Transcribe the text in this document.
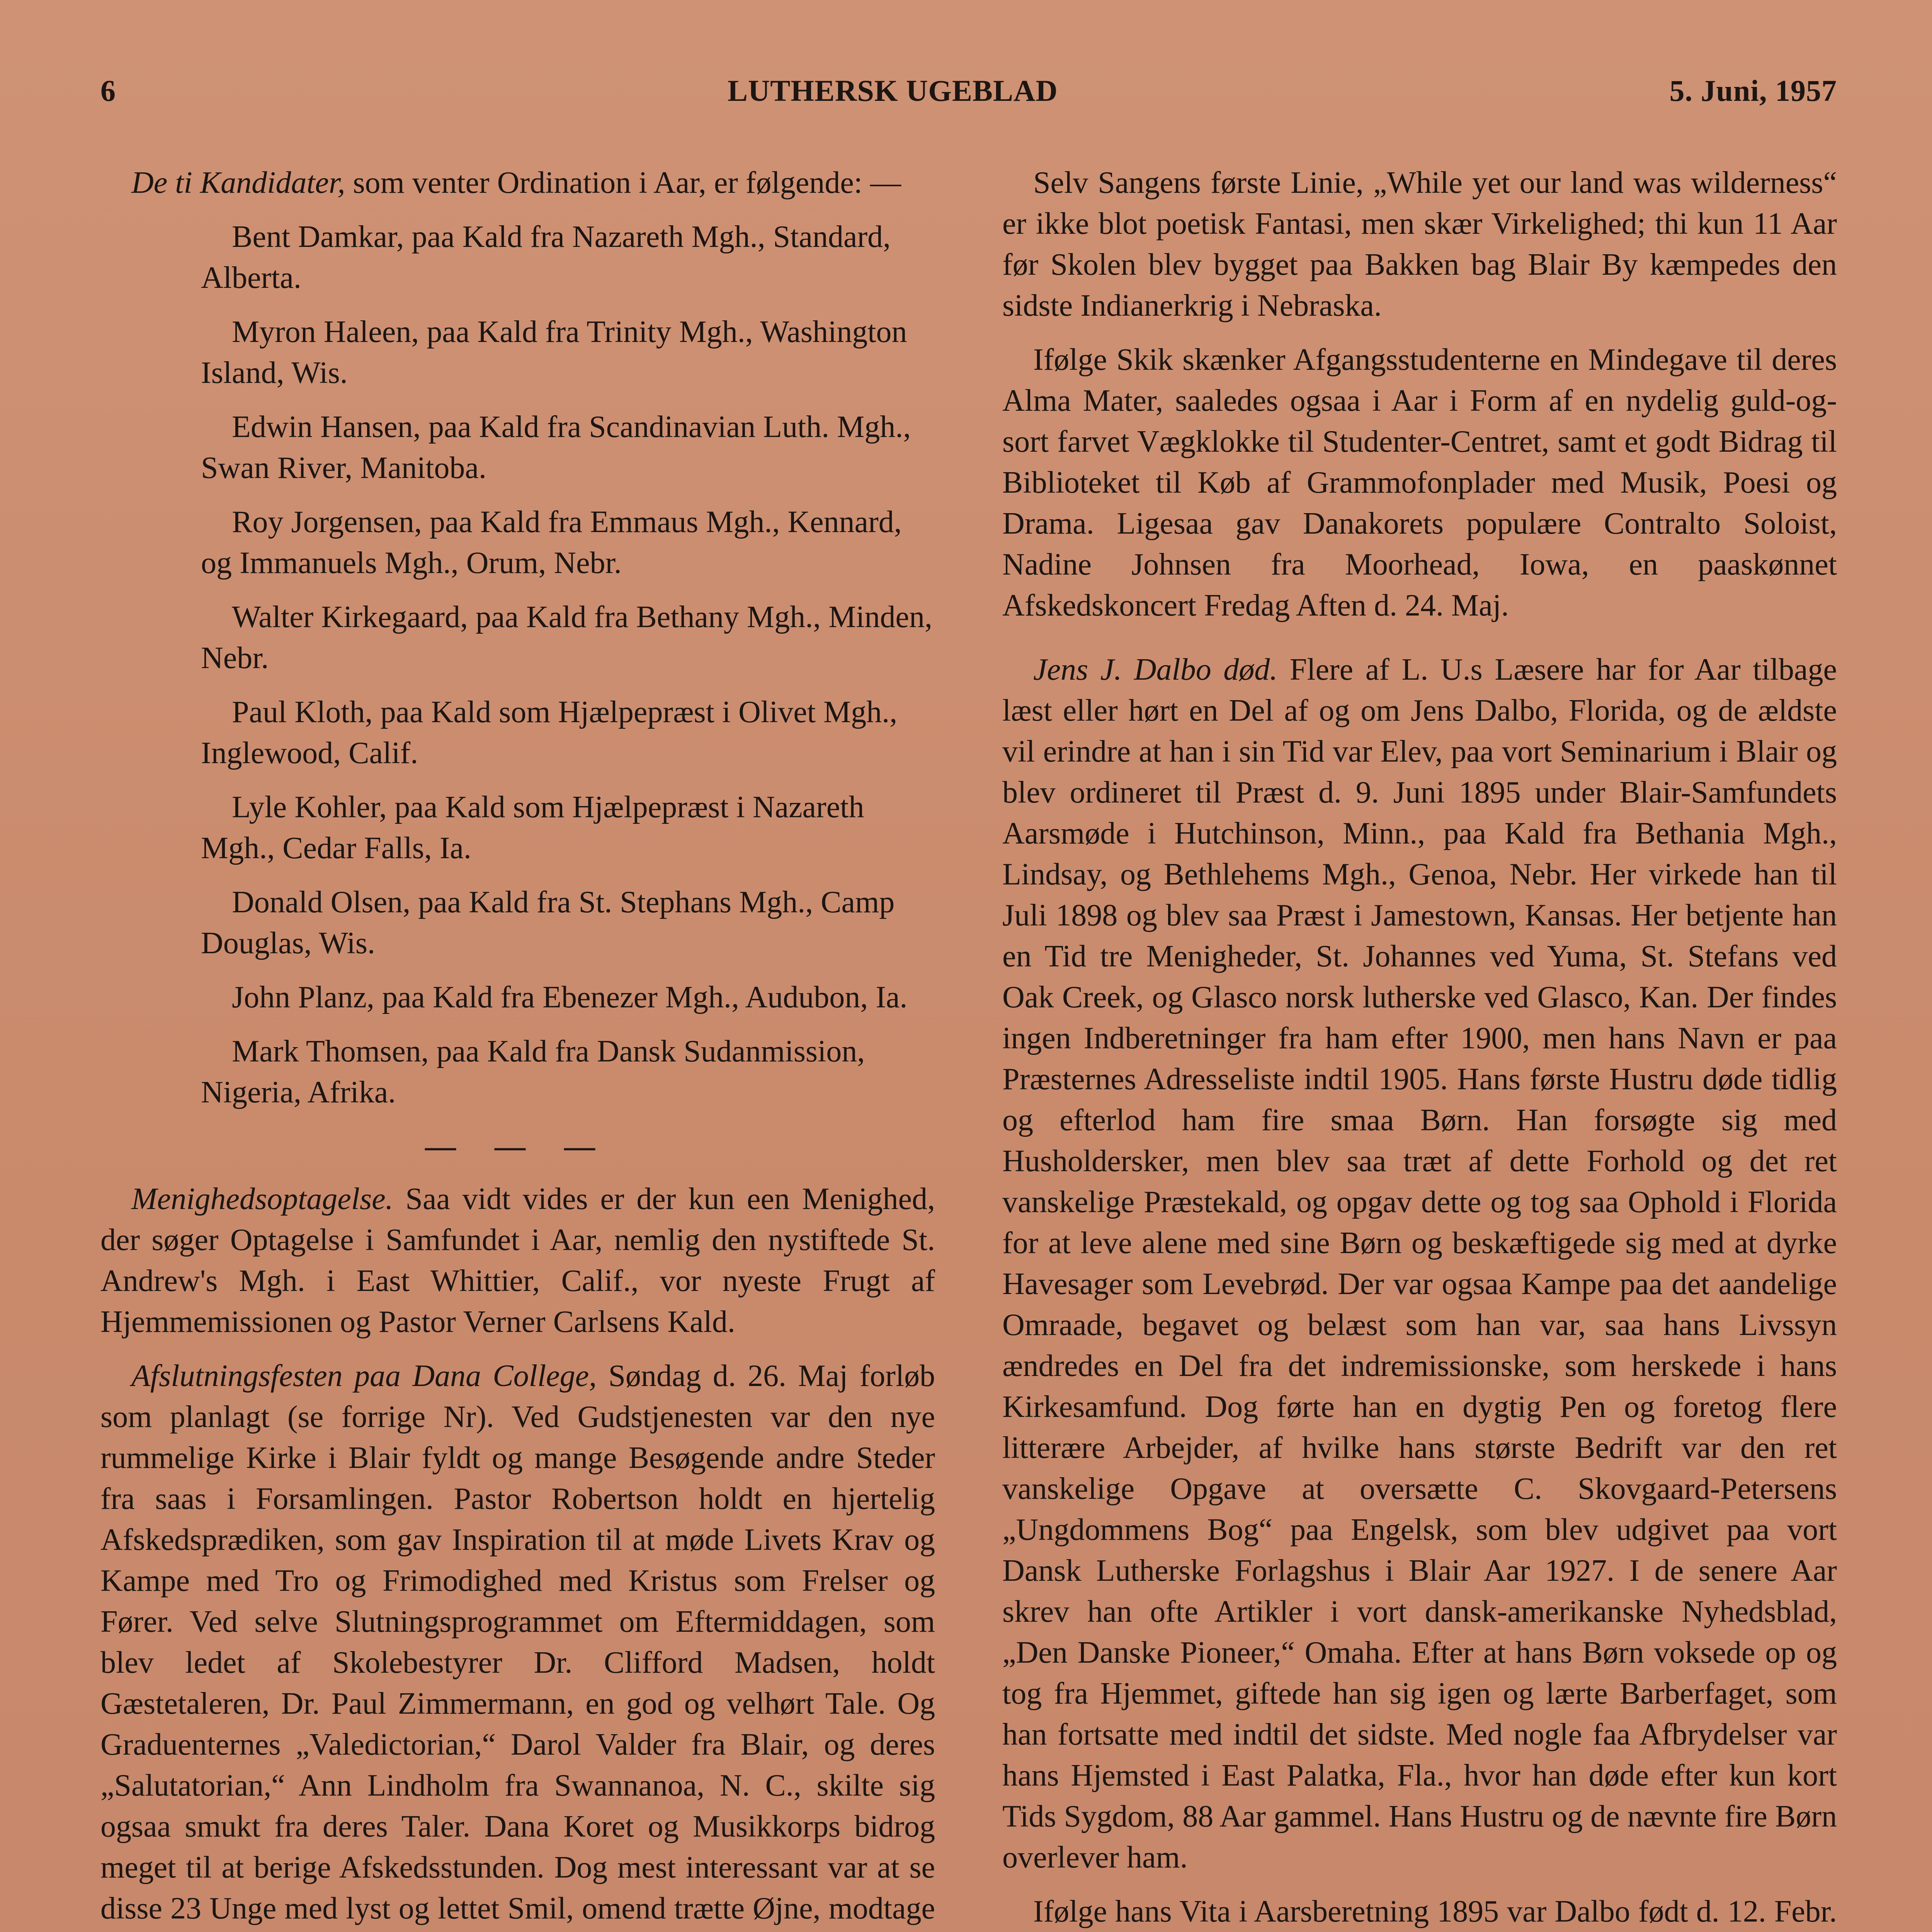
6	LUTHERSK UGEBLAD	5. Juni, 1957

De ti Kandidater, som venter Ordination i Aar, er følgende: —

Bent Damkar, paa Kald fra Nazareth Mgh., Standard, Alberta.

Myron Haleen, paa Kald fra Trinity Mgh., Washington Island, Wis.

Edwin Hansen, paa Kald fra Scandinavian Luth. Mgh., Swan River, Manitoba.

Roy Jorgensen, paa Kald fra Emmaus Mgh., Kennard, og Immanuels Mgh., Orum, Nebr.

Walter Kirkegaard, paa Kald fra Bethany Mgh., Minden, Nebr.

Paul Kloth, paa Kald som Hjælpepræst i Olivet Mgh., Inglewood, Calif.

Lyle Kohler, paa Kald som Hjælpepræst i Nazareth Mgh., Cedar Falls, Ia.

Donald Olsen, paa Kald fra St. Stephans Mgh., Camp Douglas, Wis.

John Planz, paa Kald fra Ebenezer Mgh., Audubon, Ia.

Mark Thomsen, paa Kald fra Dansk Sudanmission, Nigeria, Afrika.

— — —

Menighedsoptagelse. Saa vidt vides er der kun een Menighed, der søger Optagelse i Samfundet i Aar, nemlig den nystiftede St. Andrew's Mgh. i East Whittier, Calif., vor nyeste Frugt af Hjemmemissionen og Pastor Verner Carlsens Kald.

Afslutningsfesten paa Dana College, Søndag d. 26. Maj forløb som planlagt (se forrige Nr). Ved Gudstjenesten var den nye rummelige Kirke i Blair fyldt og mange Besøgende andre Steder fra saas i Forsamlingen. Pastor Robertson holdt en hjertelig Afskedsprædiken, som gav Inspiration til at møde Livets Krav og Kampe med Tro og Frimodighed med Kristus som Frelser og Fører. Ved selve Slutningsprogrammet om Eftermiddagen, som blev ledet af Skolebestyrer Dr. Clifford Madsen, holdt Gæstetaleren, Dr. Paul Zimmermann, en god og velhørt Tale. Og Graduenternes „Valedictorian,“ Darol Valder fra Blair, og deres „Salutatorian,“ Ann Lindholm fra Swannanoa, N. C., skilte sig ogsaa smukt fra deres Taler. Dana Koret og Musikkorps bidrog meget til at berige Afskedsstunden. Dog mest interessant var at se disse 23 Unge med lyst og lettet Smil, omend trætte Øjne, modtage

Selv Sangens første Linie, „While yet our land was wilderness“ er ikke blot poetisk Fantasi, men skær Virkelighed; thi kun 11 Aar før Skolen blev bygget paa Bakken bag Blair By kæmpedes den sidste Indianerkrig i Nebraska.

Ifølge Skik skænker Afgangsstudenterne en Mindegave til deres Alma Mater, saaledes ogsaa i Aar i Form af en nydelig guld-og-sort farvet Vægklokke til Studenter-Centret, samt et godt Bidrag til Biblioteket til Køb af Grammofonplader med Musik, Poesi og Drama. Ligesaa gav Danakorets populære Contralto Soloist, Nadine Johnsen fra Moorhead, Iowa, en paaskønnet Afskedskoncert Fredag Aften d. 24. Maj.

Jens J. Dalbo død. Flere af L. U.s Læsere har for Aar tilbage læst eller hørt en Del af og om Jens Dalbo, Florida, og de ældste vil erindre at han i sin Tid var Elev, paa vort Seminarium i Blair og blev ordineret til Præst d. 9. Juni 1895 under Blair-Samfundets Aarsmøde i Hutchinson, Minn., paa Kald fra Bethania Mgh., Lindsay, og Bethlehems Mgh., Genoa, Nebr. Her virkede han til Juli 1898 og blev saa Præst i Jamestown, Kansas. Her betjente han en Tid tre Menigheder, St. Johannes ved Yuma, St. Stefans ved Oak Creek, og Glasco norsk lutherske ved Glasco, Kan. Der findes ingen Indberetninger fra ham efter 1900, men hans Navn er paa Præsternes Adresseliste indtil 1905. Hans første Hustru døde tidlig og efterlod ham fire smaa Børn. Han forsøgte sig med Husholdersker, men blev saa træt af dette Forhold og det ret vanskelige Præstekald, og opgav dette og tog saa Ophold i Florida for at leve alene med sine Børn og beskæftigede sig med at dyrke Havesager som Levebrød. Der var ogsaa Kampe paa det aandelige Omraade, begavet og belæst som han var, saa hans Livssyn ændredes en Del fra det indremissionske, som herskede i hans Kirkesamfund. Dog førte han en dygtig Pen og foretog flere litterære Arbejder, af hvilke hans største Bedrift var den ret vanskelige Opgave at oversætte C. Skovgaard-Petersens „Ungdommens Bog“ paa Engelsk, som blev udgivet paa vort Dansk Lutherske Forlagshus i Blair Aar 1927. I de senere Aar skrev han ofte Artikler i vort dansk-amerikanske Nyhedsblad, „Den Danske Pioneer,“ Omaha. Efter at hans Børn voksede op og tog fra Hjemmet, giftede han sig igen og lærte Barberfaget, som han fortsatte med indtil det sidste. Med nogle faa Afbrydelser var hans Hjemsted i East Palatka, Fla., hvor han døde efter kun kort Tids Sygdom, 88 Aar gammel. Hans Hustru og de nævnte fire Børn overlever ham.

Ifølge hans Vita i Aarsberetning 1895 var Dalbo født d. 12. Febr.
